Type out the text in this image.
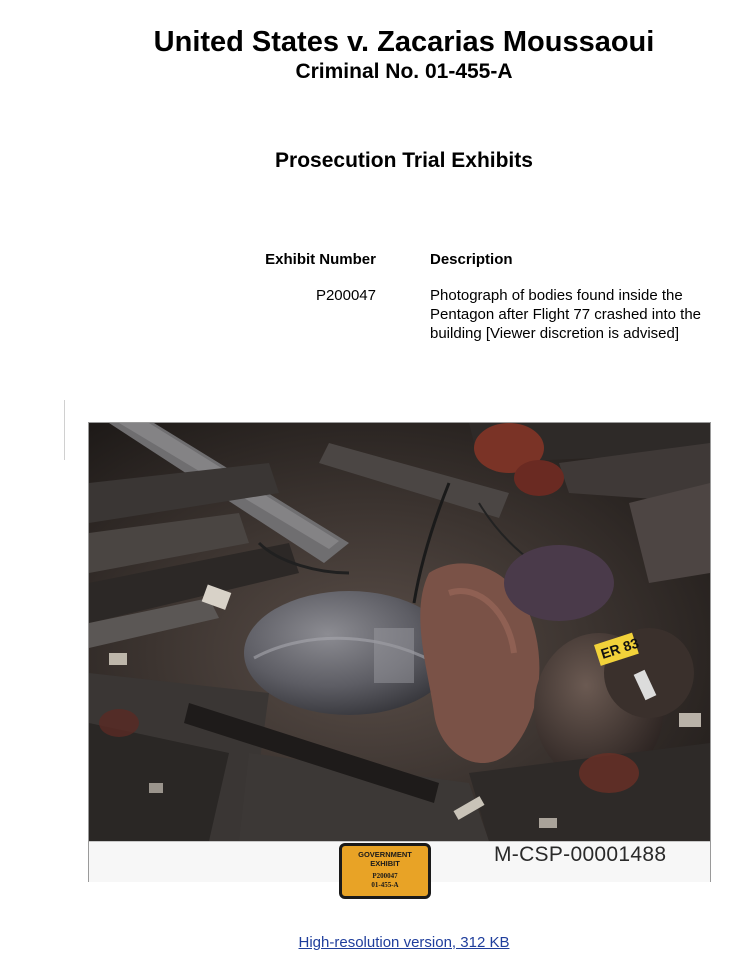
United States v. Zacarias Moussaoui
Criminal No. 01-455-A
Prosecution Trial Exhibits
Exhibit Number	Description
P200047	Photograph of bodies found inside the Pentagon after Flight 77 crashed into the building [Viewer discretion is advised]
ER 83
GOVERNMENT
EXHIBIT
P200047
01-455-A
M-CSP-00001488
High-resolution version, 312 KB
